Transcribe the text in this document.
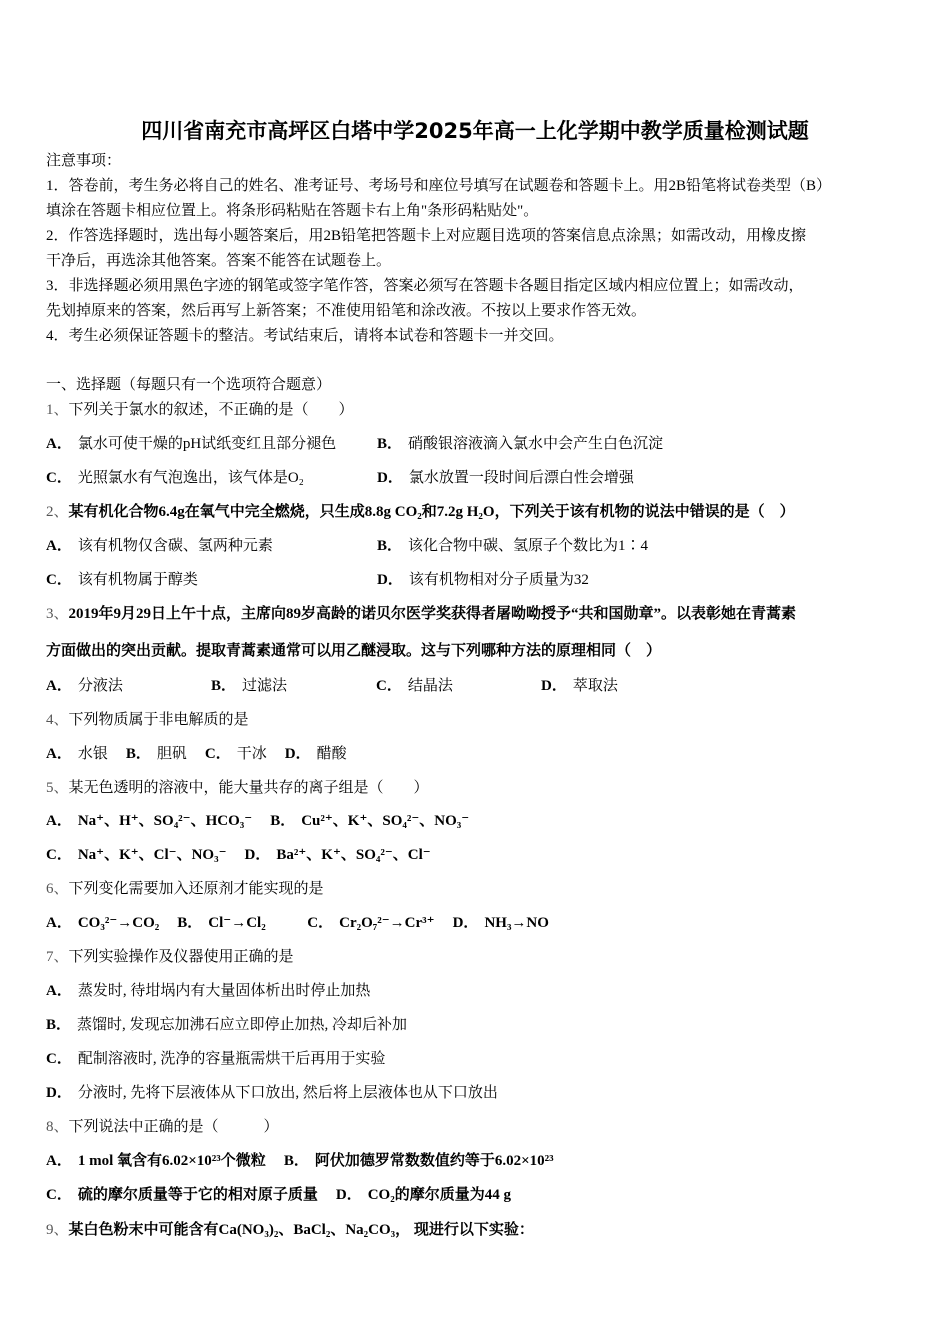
四川省南充市高坪区白塔中学2025年高一上化学期中教学质量检测试题
注意事项：
1．答卷前，考生务必将自己的姓名、准考证号、考场号和座位号填写在试题卷和答题卡上。用2B铅笔将试卷类型（B）
填涂在答题卡相应位置上。将条形码粘贴在答题卡右上角"条形码粘贴处"。
2．作答选择题时，选出每小题答案后，用2B铅笔把答题卡上对应题目选项的答案信息点涂黑；如需改动，用橡皮擦
干净后，再选涂其他答案。答案不能答在试题卷上。
3．非选择题必须用黑色字迹的钢笔或签字笔作答，答案必须写在答题卡各题目指定区域内相应位置上；如需改动，
先划掉原来的答案，然后再写上新答案；不准使用铅笔和涂改液。不按以上要求作答无效。
4．考生必须保证答题卡的整洁。考试结束后，请将本试卷和答题卡一并交回。
一、选择题（每题只有一个选项符合题意）
1、下列关于氯水的叙述，不正确的是（　　）
A． 氯水可使干燥的pH试纸变红且部分褪色	B． 硝酸银溶液滴入氯水中会产生白色沉淀
C． 光照氯水有气泡逸出，该气体是O₂	D． 氯水放置一段时间后漂白性会增强
2、某有机化合物6.4g在氧气中完全燃烧，只生成8.8g CO₂和7.2g H₂O，下列关于该有机物的说法中错误的是（　）
A． 该有机物仅含碳、氢两种元素	B． 该化合物中碳、氢原子个数比为1∶4
C． 该有机物属于醇类	D． 该有机物相对分子质量为32
3、2019年9月29日上午十点，主席向89岁高龄的诺贝尔医学奖获得者屠呦呦授予“共和国勋章”。以表彰她在青蒿素
方面做出的突出贡献。提取青蒿素通常可以用乙醚浸取。这与下列哪种方法的原理相同（　）
A． 分液法	B． 过滤法	C． 结晶法	D． 萃取法
4、下列物质属于非电解质的是
A． 水银 B． 胆矾 C． 干冰 D． 醋酸
5、某无色透明的溶液中，能大量共存的离子组是（　　）
A． Na⁺、H⁺、SO₄²⁻、HCO₃⁻ B． Cu²⁺、K⁺、SO₄²⁻、NO₃⁻
C． Na⁺、K⁺、Cl⁻、NO₃⁻ D． Ba²⁺、K⁺、SO₄²⁻、Cl⁻
6、下列变化需要加入还原剂才能实现的是
A． CO₃²⁻→CO₂ B． Cl⁻→Cl₂	C． Cr₂O₇²⁻→Cr³⁺ D． NH₃→NO
7、下列实验操作及仪器使用正确的是
A． 蒸发时, 待坩埚内有大量固体析出时停止加热
B． 蒸馏时, 发现忘加沸石应立即停止加热, 冷却后补加
C． 配制溶液时, 洗净的容量瓶需烘干后再用于实验
D． 分液时, 先将下层液体从下口放出, 然后将上层液体也从下口放出
8、下列说法中正确的是（　　　）
A． 1 mol 氧含有6.02×10²³个微粒 B． 阿伏加德罗常数数值约等于6.02×10²³
C． 硫的摩尔质量等于它的相对原子质量 D． CO₂的摩尔质量为44 g
9、某白色粉末中可能含有Ca(NO₃)₂、BaCl₂、Na₂CO₃， 现进行以下实验：
